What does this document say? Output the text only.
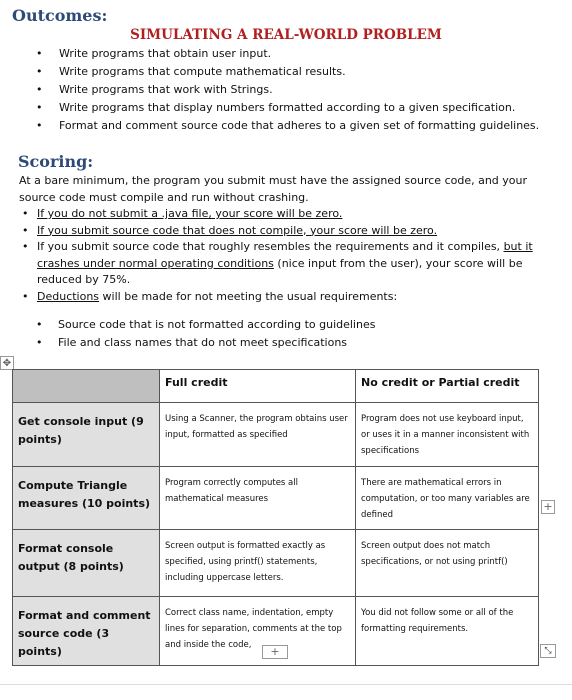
Outcomes:
SIMULATING A REAL-WORLD PROBLEM
• Write programs that obtain user input.
• Write programs that compute mathematical results.
• Write programs that work with Strings.
• Write programs that display numbers formatted according to a given specification.
• Format and comment source code that adheres to a given set of formatting guidelines.
Scoring:

At a bare minimum, the program you submit must have the assigned source code, and your source code must compile and run without crashing.

• If you do not submit a .java file, your score will be zero.
• If you submit source code that does not compile, your score will be zero.
• If you submit source code that roughly resembles the requirements and it compiles, but it crashes under normal operating conditions (nice input from the user), your score will be reduced by 75%.
• Deductions will be made for not meeting the usual requirements:
• Source code that is not formatted according to guidelines
• File and class names that do not meet specifications
✥
	Full credit	No credit or Partial credit
Get console input (9 points)	Using a Scanner, the program obtains user input, formatted as specified	Program does not use keyboard input, or uses it in a manner inconsistent with specifications
Compute Triangle measures (10 points)	Program correctly computes all mathematical measures	There are mathematical errors in computation, or too many variables are defined
Format console output (8 points)	Screen output is formatted exactly as specified, using printf() statements, including uppercase letters.	Screen output does not match specifications, or not using printf()
Format and comment source code (3 points)	Correct class name, indentation, empty lines for separation, comments at the top and inside the code,	You did not follow some or all of the formatting requirements.
+
+	⤡
